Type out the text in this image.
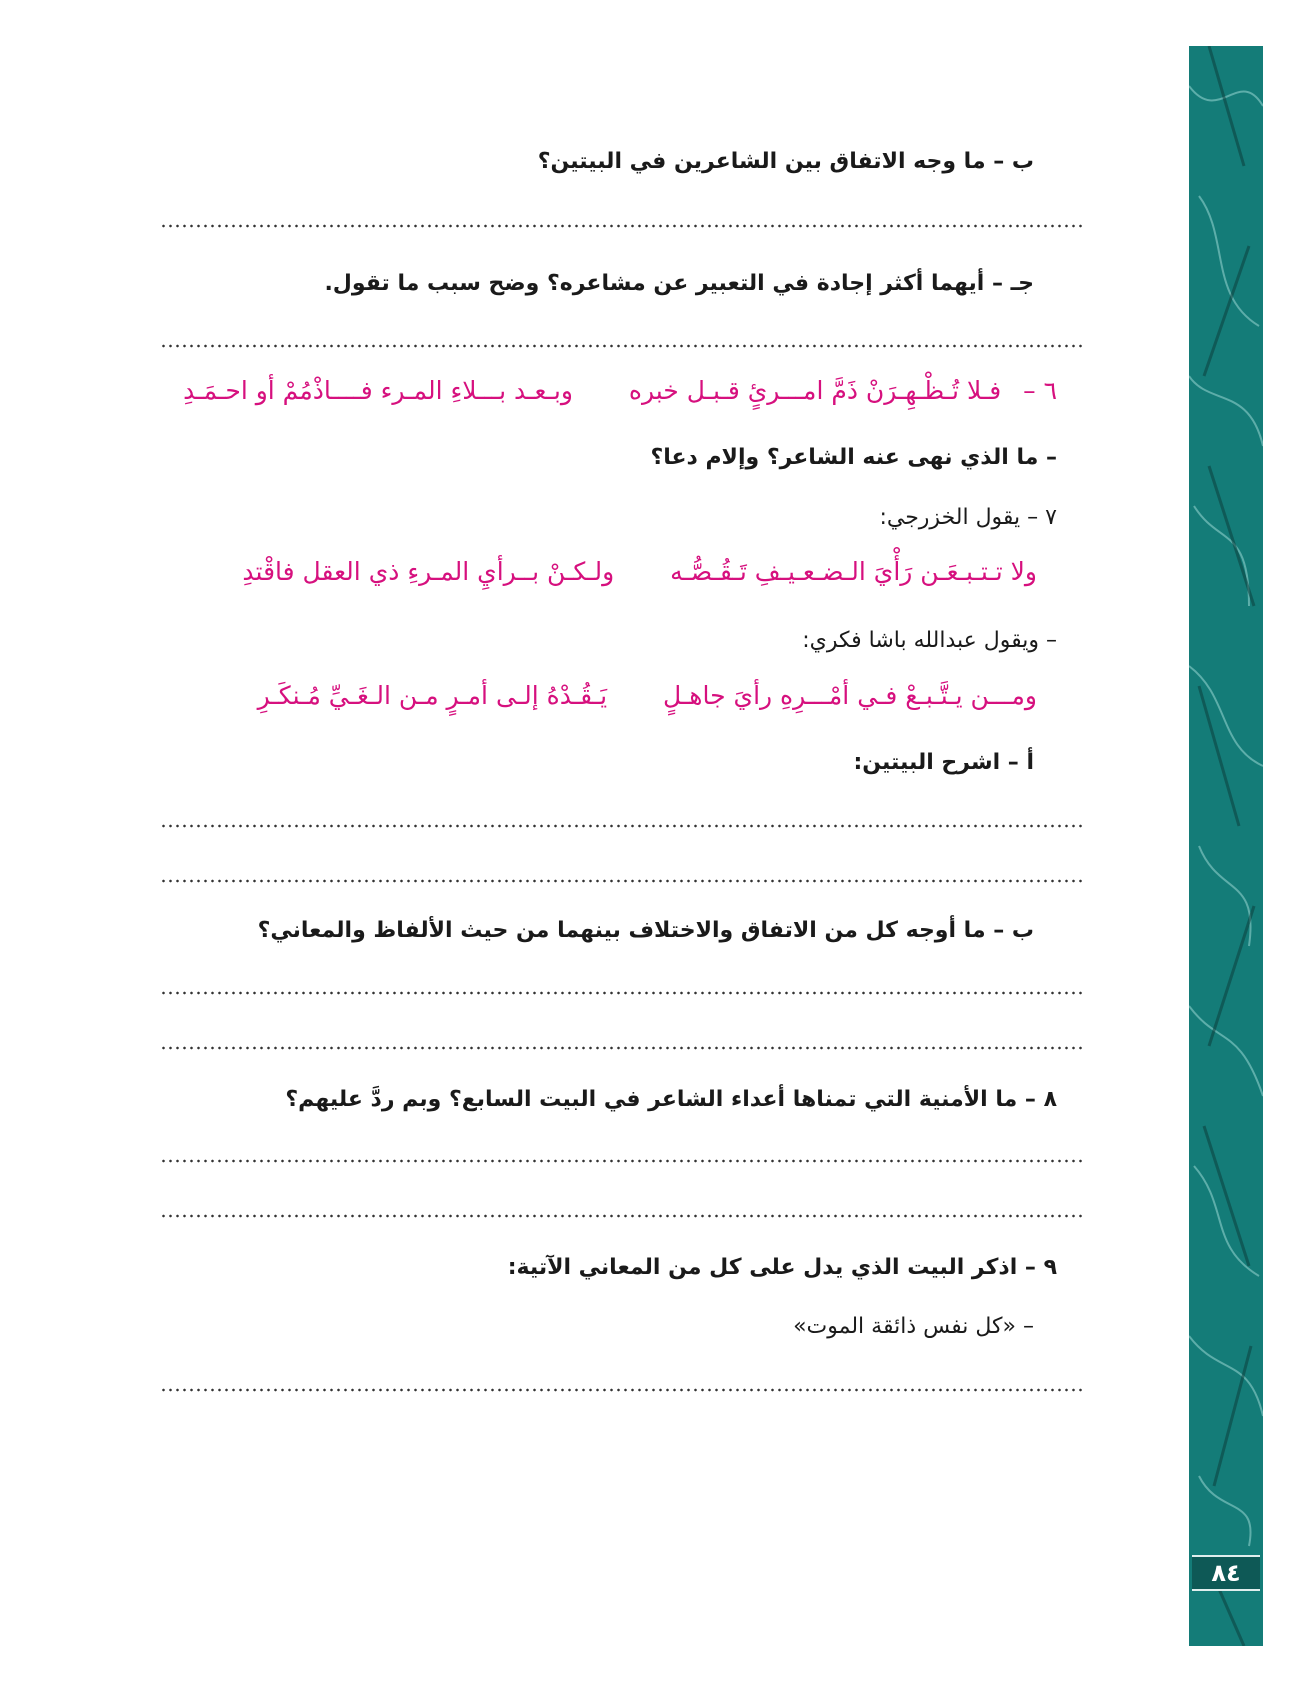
٨٤
ب – ما وجه الاتفاق بين الشاعرين في البيتين؟
جـ – أيهما أكثر إجادة في التعبير عن مشاعره؟ وضح سبب ما تقول.
٦ – فـلا تُـظْـهِـرَنْ ذَمَّ امـــرئٍ قـبـل خبره وبـعـد بـــلاءِ المـرء فــــاذْمُمْ أو احـمَـدِ
– ما الذي نهى عنه الشاعر؟ وإلام دعا؟
٧ – يقول الخزرجي:
ولا تـتـبـعَـن رَأْيَ الـضـعـيـفِ تَـقُـصُّـه ولـكـنْ بــرأيِ المـرءِ ذي العقل فاقْتدِ
– ويقول عبدالله باشا فكري:
ومـــن يـتَّـبـعْ فـي أمْـــرِهِ رأيَ جاهـلٍ يَـقُـدْهُ إلـى أمـرٍ مـن الـغَـيِّ مُـنكَـرِ
أ – اشرح البيتين:
ب – ما أوجه كل من الاتفاق والاختلاف بينهما من حيث الألفاظ والمعاني؟
٨ – ما الأمنية التي تمناها أعداء الشاعر في البيت السابع؟ وبم ردَّ عليهم؟
٩ – اذكر البيت الذي يدل على كل من المعاني الآتية:
– «كل نفس ذائقة الموت»
